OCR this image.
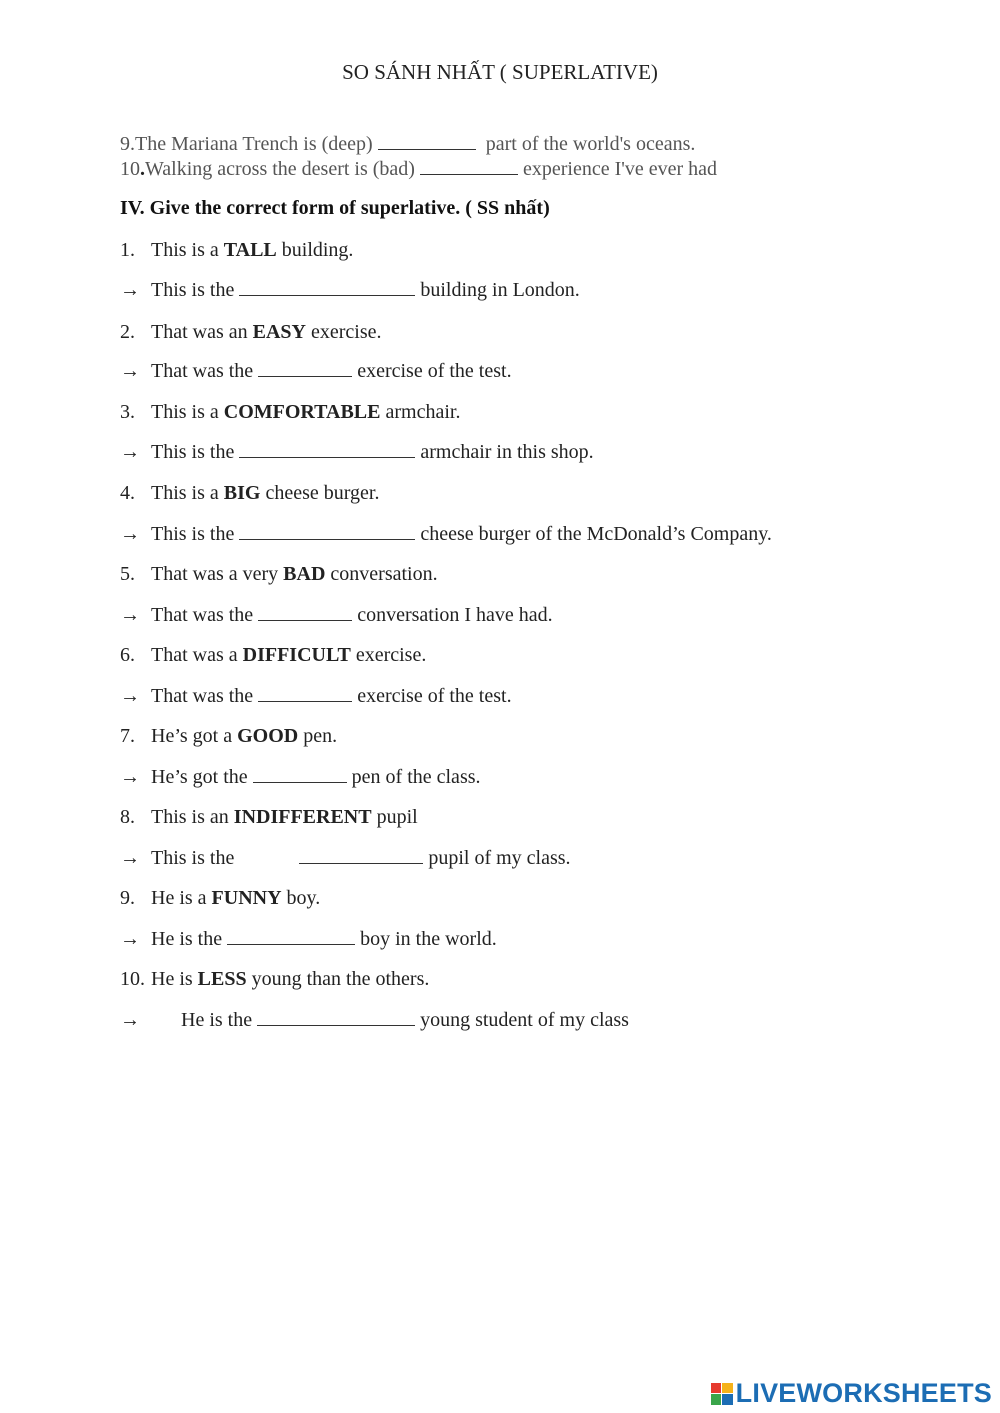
SO SÁNH NHẤT ( SUPERLATIVE)
9.The Mariana Trench is (deep)	part of the world's oceans.
10.Walking across the desert is (bad)	experience I've ever had
IV. Give the correct form of superlative. ( SS nhất)
1. This is a TALL building.
→ This is the	building in London.
2. That was an EASY exercise.
→ That was the	exercise of the test.
3. This is a COMFORTABLE armchair.
→ This is the	armchair in this shop.
4. This is a BIG cheese burger.
→ This is the	cheese burger of the McDonald’s Company.
5. That was a very BAD conversation.
→ That was the	conversation I have had.
6. That was a DIFFICULT exercise.
→ That was the	exercise of the test.
7. He’s got a GOOD pen.
→ He’s got the	pen of the class.
8. This is an INDIFFERENT pupil
→ This is the	pupil of my class.
9. He is a FUNNY boy.
→ He is the	boy in the world.
10. He is LESS young than the others.
→ He is the	young student of my class
LIVEWORKSHEETS
